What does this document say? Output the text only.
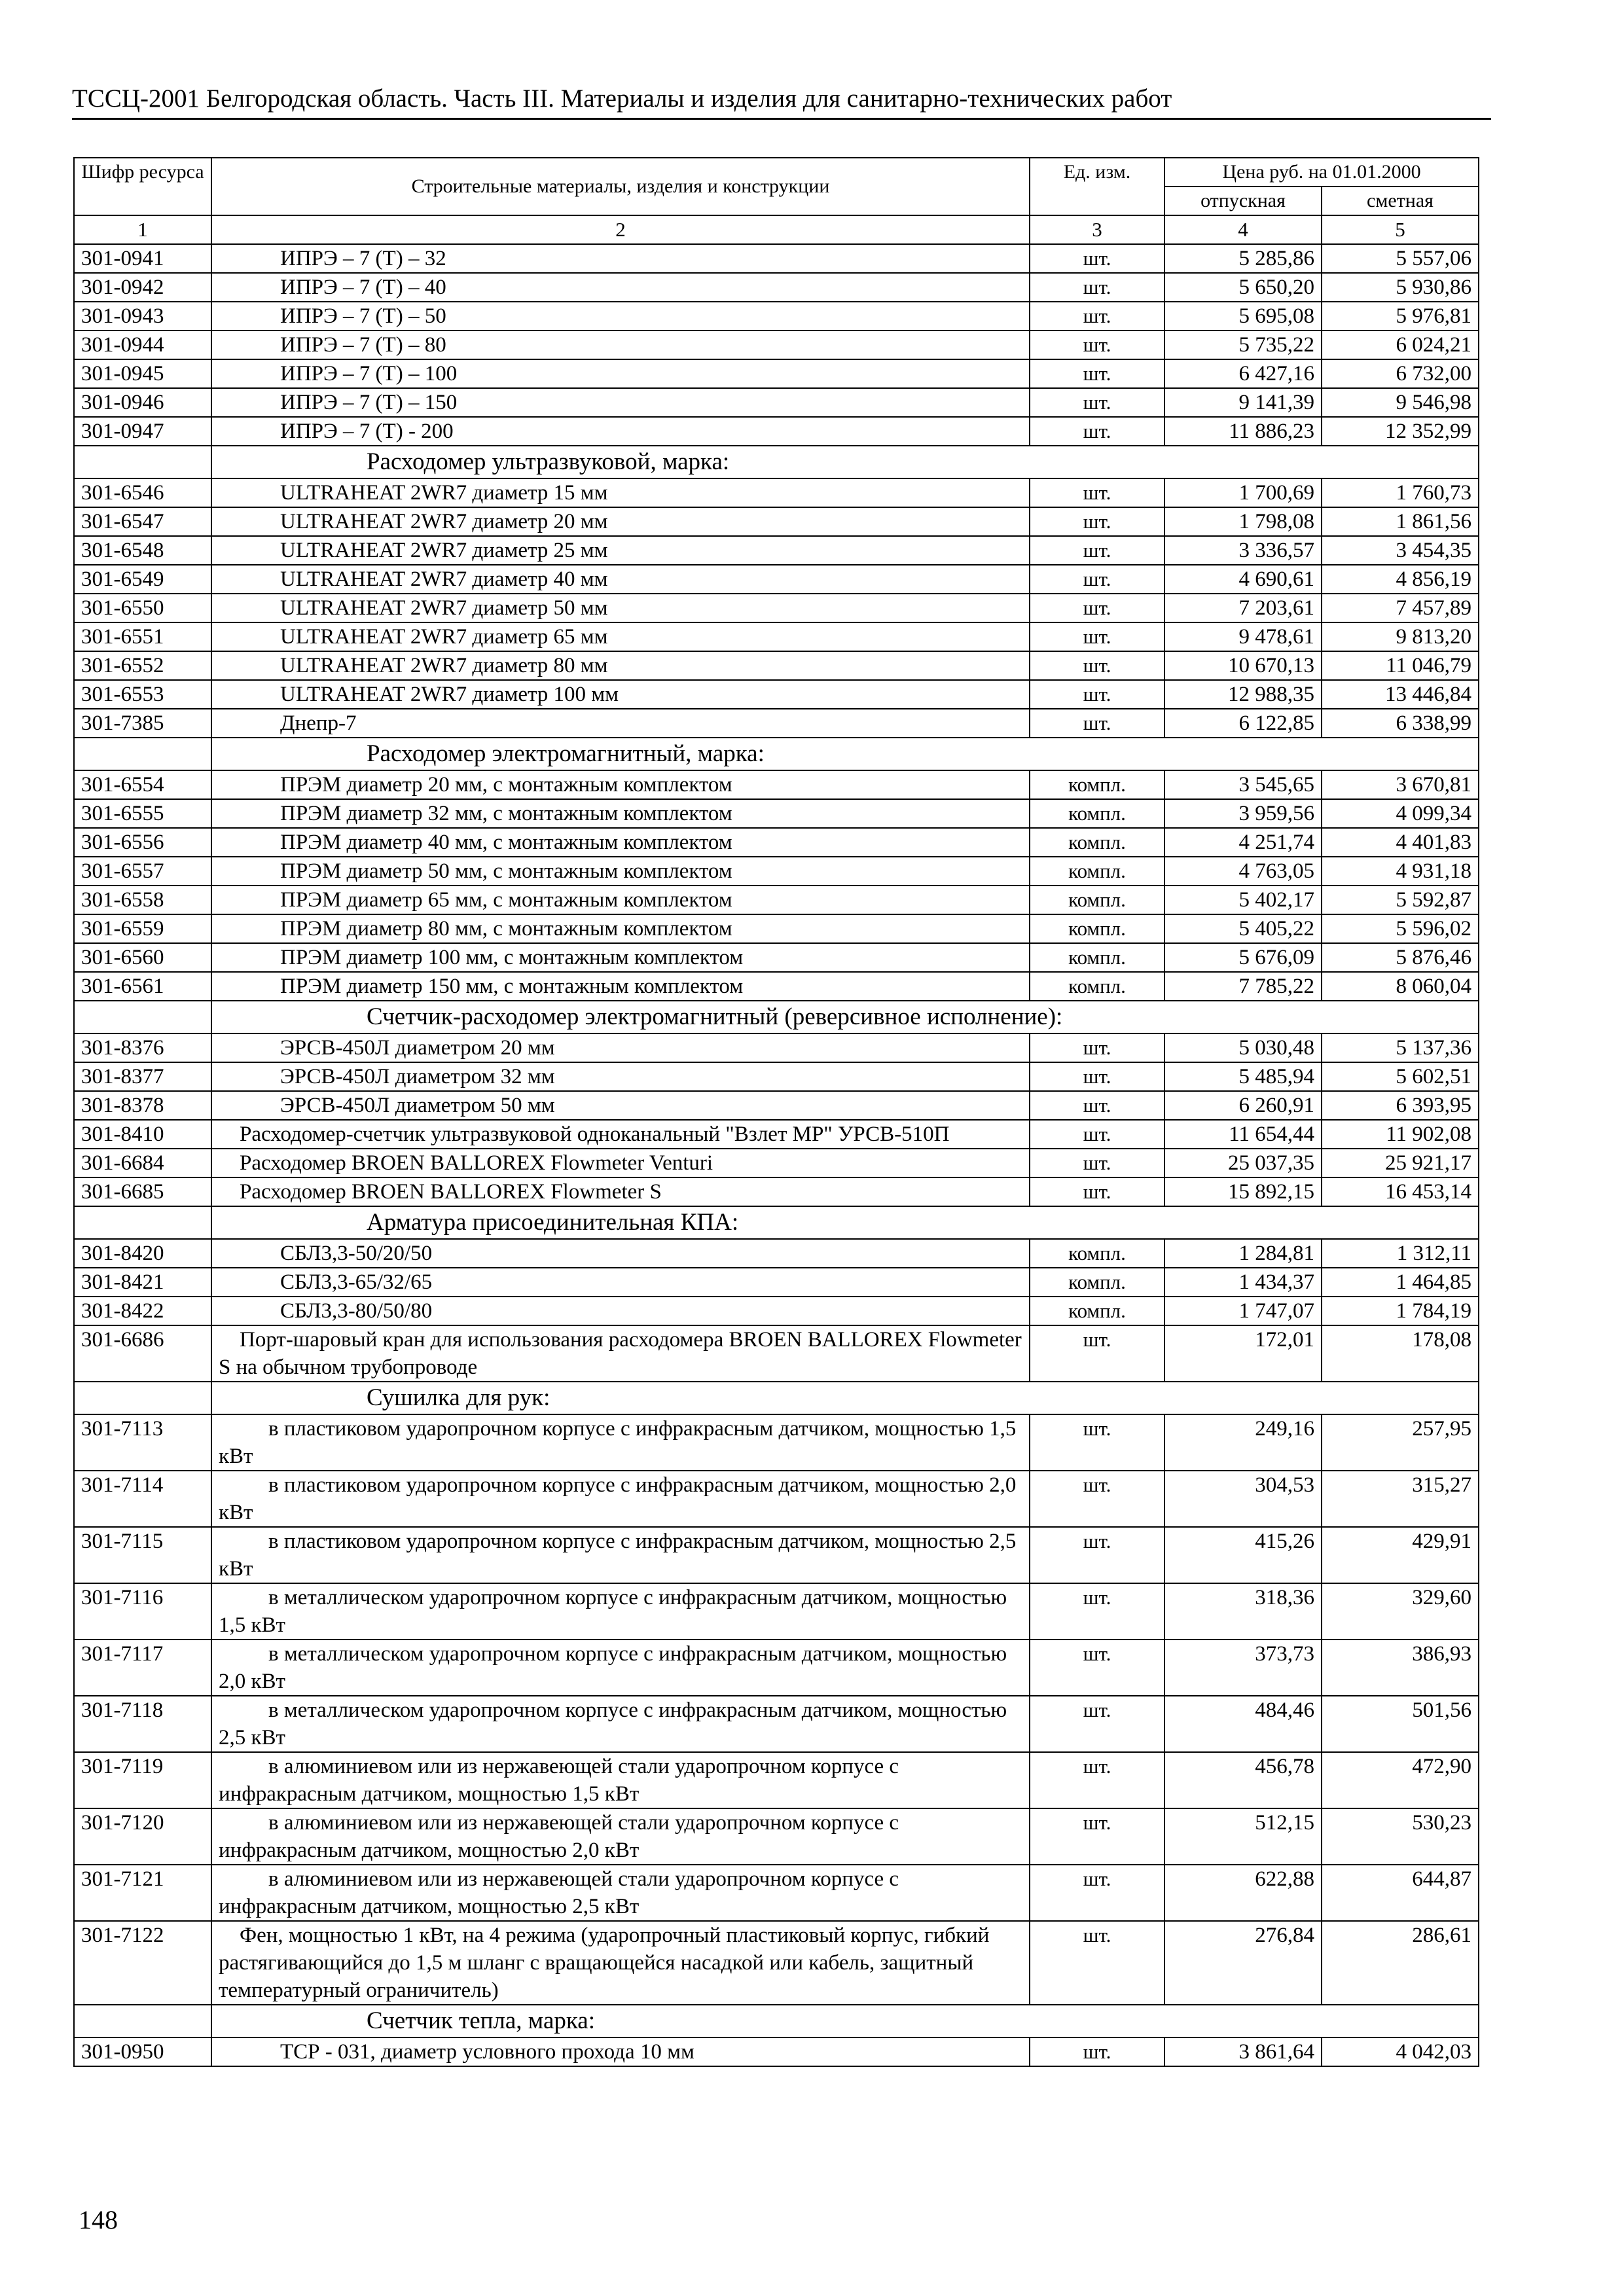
ТССЦ-2001 Белгородская область. Часть III. Материалы и изделия для санитарно-технических работ
Шифр ресурса	Строительные материалы, изделия и конструкции	Ед. изм.	Цена руб. на 01.01.2000	
			отпускная	сметная
1	2	3	4	5
301-0941	ИПРЭ – 7 (Т) – 32	шт.	5 285,86	5 557,06
301-0942	ИПРЭ – 7 (Т) – 40	шт.	5 650,20	5 930,86
301-0943	ИПРЭ – 7 (Т) – 50	шт.	5 695,08	5 976,81
301-0944	ИПРЭ – 7 (Т) – 80	шт.	5 735,22	6 024,21
301-0945	ИПРЭ – 7 (Т) – 100	шт.	6 427,16	6 732,00
301-0946	ИПРЭ – 7 (Т) – 150	шт.	9 141,39	9 546,98
301-0947	ИПРЭ – 7 (Т) - 200	шт.	11 886,23	12 352,99
	Расходомер ультразвуковой, марка:			
301-6546	ULTRAHEAT 2WR7 диаметр 15 мм	шт.	1 700,69	1 760,73
301-6547	ULTRAHEAT 2WR7 диаметр 20 мм	шт.	1 798,08	1 861,56
301-6548	ULTRAHEAT 2WR7 диаметр 25 мм	шт.	3 336,57	3 454,35
301-6549	ULTRAHEAT 2WR7 диаметр 40 мм	шт.	4 690,61	4 856,19
301-6550	ULTRAHEAT 2WR7 диаметр 50 мм	шт.	7 203,61	7 457,89
301-6551	ULTRAHEAT 2WR7 диаметр 65 мм	шт.	9 478,61	9 813,20
301-6552	ULTRAHEAT 2WR7 диаметр 80 мм	шт.	10 670,13	11 046,79
301-6553	ULTRAHEAT 2WR7 диаметр 100 мм	шт.	12 988,35	13 446,84
301-7385	Днепр-7	шт.	6 122,85	6 338,99
	Расходомер электромагнитный, марка:			
301-6554	ПРЭМ диаметр 20 мм, с монтажным комплектом	компл.	3 545,65	3 670,81
301-6555	ПРЭМ диаметр 32 мм, с монтажным комплектом	компл.	3 959,56	4 099,34
301-6556	ПРЭМ диаметр 40 мм, с монтажным комплектом	компл.	4 251,74	4 401,83
301-6557	ПРЭМ диаметр 50 мм, с монтажным комплектом	компл.	4 763,05	4 931,18
301-6558	ПРЭМ диаметр 65 мм, с монтажным комплектом	компл.	5 402,17	5 592,87
301-6559	ПРЭМ диаметр 80 мм, с монтажным комплектом	компл.	5 405,22	5 596,02
301-6560	ПРЭМ диаметр 100 мм, с монтажным комплектом	компл.	5 676,09	5 876,46
301-6561	ПРЭМ диаметр 150 мм, с монтажным комплектом	компл.	7 785,22	8 060,04
	Счетчик-расходомер электромагнитный (реверсивное исполнение):			
301-8376	ЭРСВ-450Л диаметром 20 мм	шт.	5 030,48	5 137,36
301-8377	ЭРСВ-450Л диаметром 32 мм	шт.	5 485,94	5 602,51
301-8378	ЭРСВ-450Л диаметром 50 мм	шт.	6 260,91	6 393,95
301-8410	Расходомер-счетчик ультразвуковой одноканальный "Взлет МР" УРСВ-510П	шт.	11 654,44	11 902,08
301-6684	Расходомер BROEN BALLOREX Flowmeter Venturi	шт.	25 037,35	25 921,17
301-6685	Расходомер BROEN BALLOREX Flowmeter S	шт.	15 892,15	16 453,14
	Арматура присоединительная КПА:			
301-8420	СБЛ3,3-50/20/50	компл.	1 284,81	1 312,11
301-8421	СБЛ3,3-65/32/65	компл.	1 434,37	1 464,85
301-8422	СБЛ3,3-80/50/80	компл.	1 747,07	1 784,19
301-6686	Порт-шаровый кран для использования расходомера BROEN BALLOREX Flowmeter S на обычном трубопроводе	шт.	172,01	178,08
	Сушилка для рук:			
301-7113	в пластиковом ударопрочном корпусе с инфракрасным датчиком, мощностью 1,5 кВт	шт.	249,16	257,95
301-7114	в пластиковом ударопрочном корпусе с инфракрасным датчиком, мощностью 2,0 кВт	шт.	304,53	315,27
301-7115	в пластиковом ударопрочном корпусе с инфракрасным датчиком, мощностью 2,5 кВт	шт.	415,26	429,91
301-7116	в металлическом ударопрочном корпусе с инфракрасным датчиком, мощностью 1,5 кВт	шт.	318,36	329,60
301-7117	в металлическом ударопрочном корпусе с инфракрасным датчиком, мощностью 2,0 кВт	шт.	373,73	386,93
301-7118	в металлическом ударопрочном корпусе с инфракрасным датчиком, мощностью 2,5 кВт	шт.	484,46	501,56
301-7119	в алюминиевом или из нержавеющей стали ударопрочном корпусе с инфракрасным датчиком, мощностью 1,5 кВт	шт.	456,78	472,90
301-7120	в алюминиевом или из нержавеющей стали ударопрочном корпусе с инфракрасным датчиком, мощностью 2,0 кВт	шт.	512,15	530,23
301-7121	в алюминиевом или из нержавеющей стали ударопрочном корпусе с инфракрасным датчиком, мощностью 2,5 кВт	шт.	622,88	644,87
301-7122	Фен, мощностью 1 кВт, на 4 режима (ударопрочный пластиковый корпус, гибкий растягивающийся до 1,5 м шланг с вращающейся насадкой или кабель, защитный температурный ограничитель)	шт.	276,84	286,61
	Счетчик тепла, марка:			
301-0950	ТСР - 031, диаметр условного прохода 10 мм	шт.	3 861,64	4 042,03
148
